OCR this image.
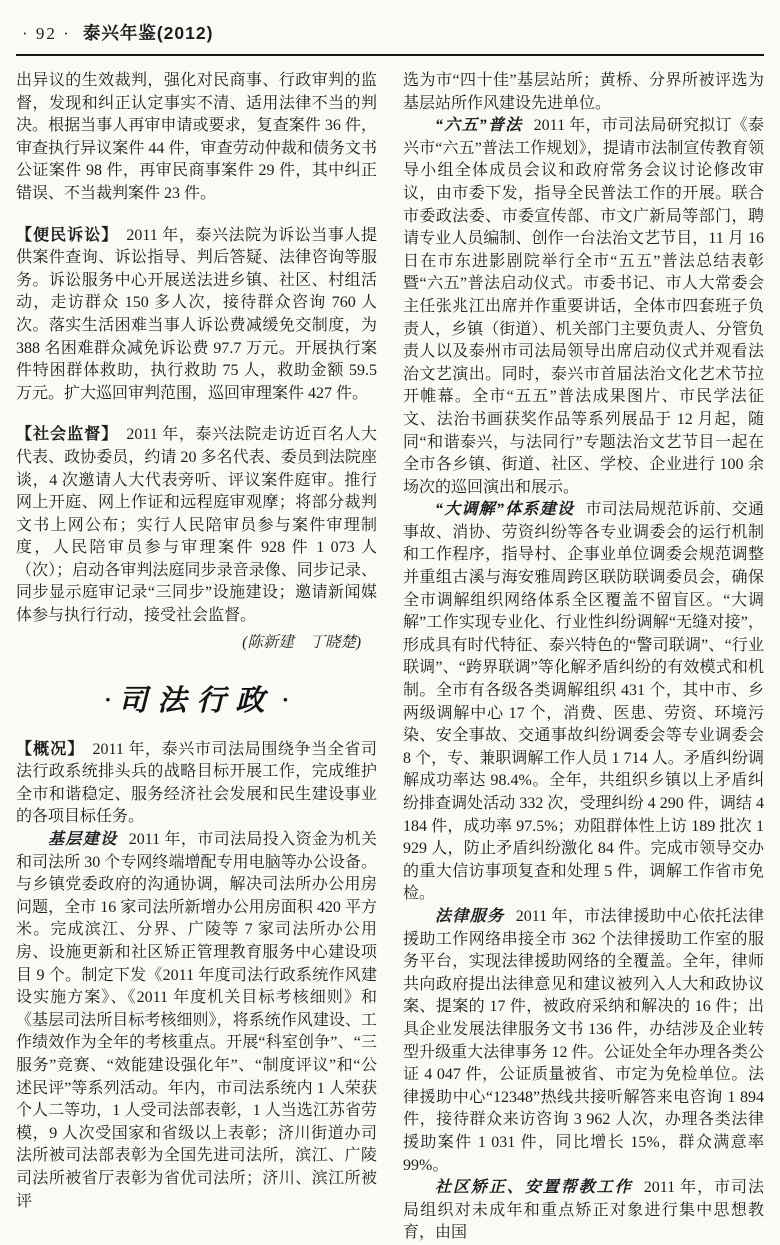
· 92 · 泰兴年鉴(2012)

出异议的生效裁判，强化对民商事、行政审判的监督，发现和纠正认定事实不清、适用法律不当的判决。根据当事人再审申请或要求，复查案件 36 件，审查执行异议案件 44 件，审查劳动仲裁和债务文书公证案件 98 件，再审民商事案件 29 件，其中纠正错误、不当裁判案件 23 件。

【便民诉讼】 2011 年，泰兴法院为诉讼当事人提供案件查询、诉讼指导、判后答疑、法律咨询等服务。诉讼服务中心开展送法进乡镇、社区、村组活动，走访群众 150 多人次，接待群众咨询 760 人次。落实生活困难当事人诉讼费减缓免交制度，为 388 名困难群众减免诉讼费 97.7 万元。开展执行案件特困群体救助，执行救助 75 人，救助金额 59.5 万元。扩大巡回审判范围，巡回审理案件 427 件。

【社会监督】 2011 年，泰兴法院走访近百名人大代表、政协委员，约请 20 多名代表、委员到法院座谈，4 次邀请人大代表旁听、评议案件庭审。推行网上开庭、网上作证和远程庭审观摩；将部分裁判文书上网公布；实行人民陪审员参与案件审理制度，人民陪审员参与审理案件 928 件 1 073 人（次）；启动各审判法庭同步录音录像、同步记录、同步显示庭审记录“三同步”设施建设；邀请新闻媒体参与执行行动，接受社会监督。

(陈新建　丁晓楚)
· 司法行政 ·

【概况】 2011 年，泰兴市司法局围绕争当全省司法行政系统排头兵的战略目标开展工作，完成维护全市和谐稳定、服务经济社会发展和民生建设事业的各项目标任务。

基层建设 2011 年，市司法局投入资金为机关和司法所 30 个专网终端增配专用电脑等办公设备。与乡镇党委政府的沟通协调，解决司法所办公用房问题，全市 16 家司法所新增办公用房面积 420 平方米。完成滨江、分界、广陵等 7 家司法所办公用房、设施更新和社区矫正管理教育服务中心建设项目 9 个。制定下发《2011 年度司法行政系统作风建设实施方案》、《2011 年度机关目标考核细则》和《基层司法所目标考核细则》，将系统作风建设、工作绩效作为全年的考核重点。开展“科室创争”、“三服务”竞赛、“效能建设强化年”、“制度评议”和“公述民评”等系列活动。年内，市司法系统内 1 人荣获个人二等功，1 人受司法部表彰，1 人当选江苏省劳模，9 人次受国家和省级以上表彰；济川街道办司法所被司法部表彰为全国先进司法所，滨江、广陵司法所被省厅表彰为省优司法所；济川、滨江所被评

选为市“四十佳”基层站所；黄桥、分界所被评选为基层站所作风建设先进单位。

“六五”普法 2011 年，市司法局研究拟订《泰兴市“六五”普法工作规划》，提请市法制宣传教育领导小组全体成员会议和政府常务会议讨论修改审议，由市委下发，指导全民普法工作的开展。联合市委政法委、市委宣传部、市文广新局等部门，聘请专业人员编制、创作一台法治文艺节目，11 月 16 日在市东进影剧院举行全市“五五”普法总结表彰暨“六五”普法启动仪式。市委书记、市人大常委会主任张兆江出席并作重要讲话，全体市四套班子负责人，乡镇（街道）、机关部门主要负责人、分管负责人以及泰州市司法局领导出席启动仪式并观看法治文艺演出。同时，泰兴市首届法治文化艺术节拉开帷幕。全市“五五”普法成果图片、市民学法征文、法治书画获奖作品等系列展品于 12 月起，随同“和谐泰兴，与法同行”专题法治文艺节目一起在全市各乡镇、街道、社区、学校、企业进行 100 余场次的巡回演出和展示。

“大调解”体系建设 市司法局规范诉前、交通事故、消协、劳资纠纷等各专业调委会的运行机制和工作程序，指导村、企事业单位调委会规范调整并重组古溪与海安雅周跨区联防联调委员会，确保全市调解组织网络体系全区覆盖不留盲区。“大调解”工作实现专业化、行业性纠纷调解“无缝对接”，形成具有时代特征、泰兴特色的“警司联调”、“行业联调”、“跨界联调”等化解矛盾纠纷的有效模式和机制。全市有各级各类调解组织 431 个，其中市、乡两级调解中心 17 个，消费、医患、劳资、环境污染、安全事故、交通事故纠纷调委会等专业调委会 8 个，专、兼职调解工作人员 1 714 人。矛盾纠纷调解成功率达 98.4%。全年，共组织乡镇以上矛盾纠纷排查调处活动 332 次，受理纠纷 4 290 件，调结 4 184 件，成功率 97.5%；劝阻群体性上访 189 批次 1 929 人，防止矛盾纠纷激化 84 件。完成市领导交办的重大信访事项复查和处理 5 件，调解工作省市免检。

法律服务 2011 年，市法律援助中心依托法律援助工作网络串接全市 362 个法律援助工作室的服务平台，实现法律援助网络的全覆盖。全年，律师共向政府提出法律意见和建议被列入人大和政协议案、提案的 17 件，被政府采纳和解决的 16 件；出具企业发展法律服务文书 136 件，办结涉及企业转型升级重大法律事务 12 件。公证处全年办理各类公证 4 047 件，公证质量被省、市定为免检单位。法律援助中心“12348”热线共接听解答来电咨询 1 894 件，接待群众来访咨询 3 962 人次，办理各类法律援助案件 1 031 件，同比增长 15%，群众满意率 99%。

社区矫正、安置帮教工作 2011 年，市司法局组织对未成年和重点矫正对象进行集中思想教育，由国
